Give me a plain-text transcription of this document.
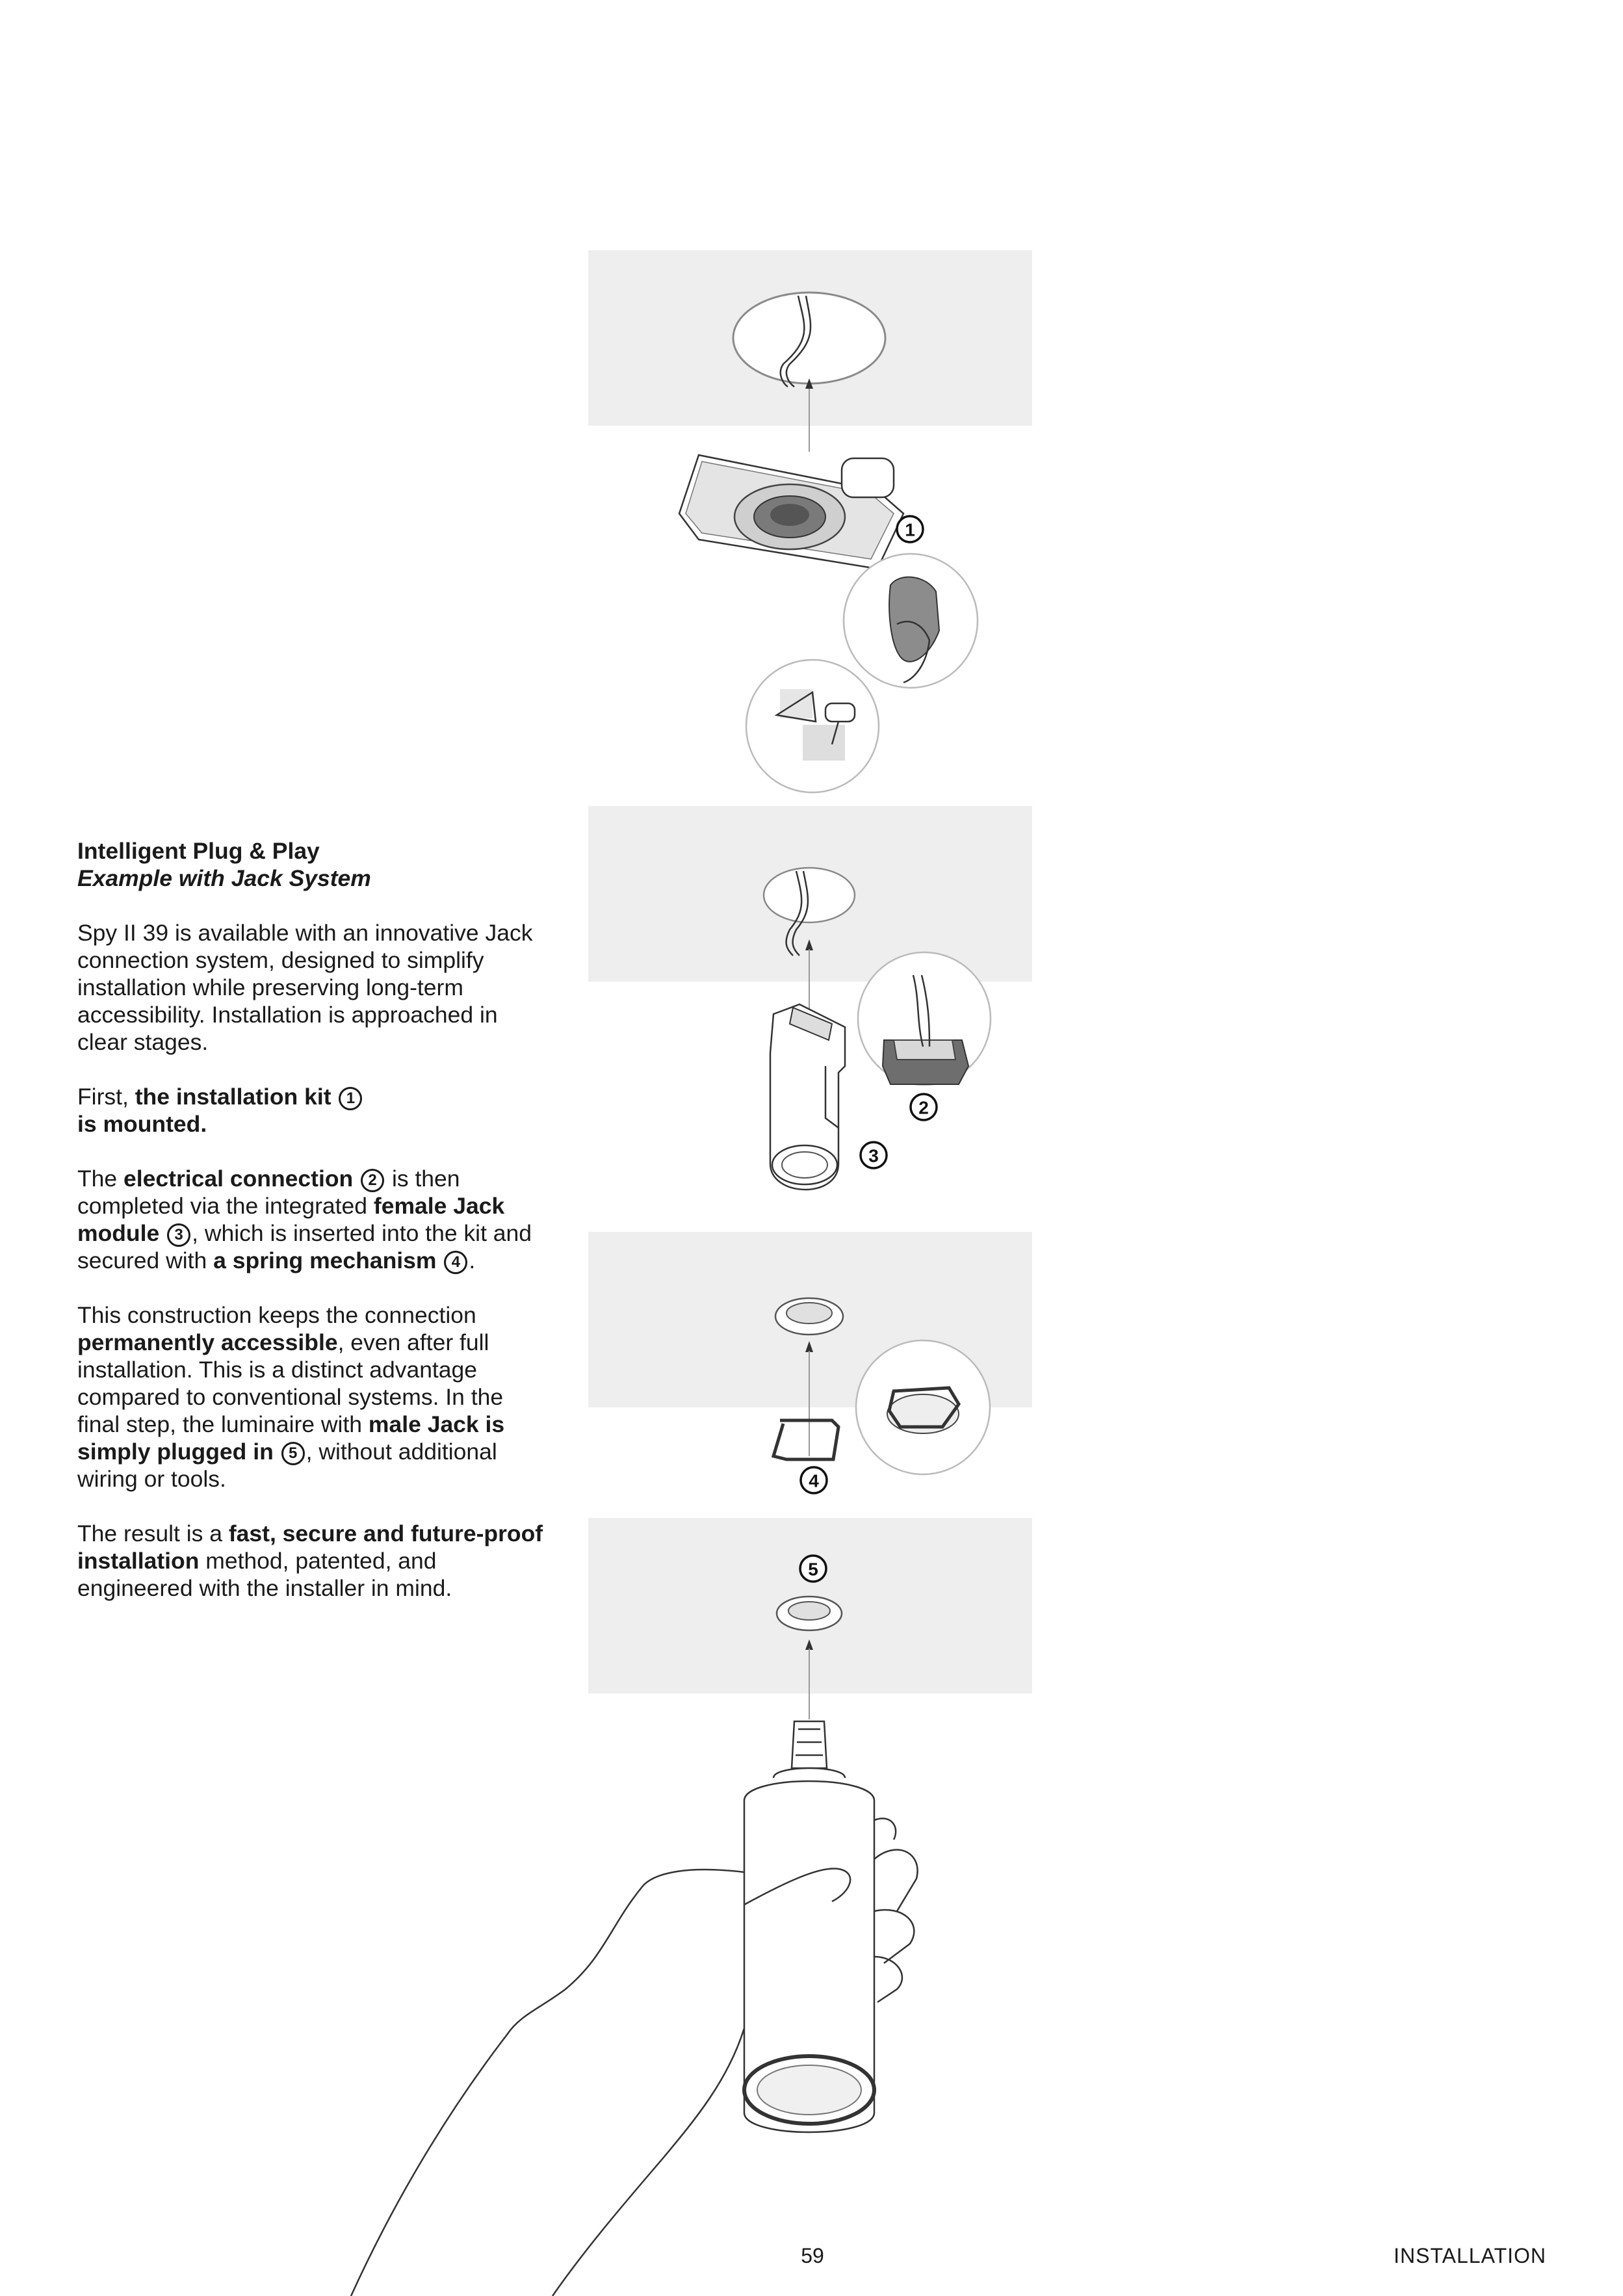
1
3
2
4
5

Intelligent Plug & Play
Example with Jack System

Spy II 39 is available with an innovative Jack connection system, designed to simplify installation while preserving long-term accessibility. Installation is approached in clear stages.

First, the installation kit 1
is mounted.

The electrical connection 2 is then completed via the integrated female Jack module 3 , which is inserted into the kit and secured with a spring mechanism 4 .

This construction keeps the connection permanently accessible, even after full installation. This is a distinct advantage compared to conventional systems. In the final step, the luminaire with male Jack is simply plugged in 5 , without additional wiring or tools.

The result is a fast, secure and future-proof installation method, patented, and engineered with the installer in mind.

59	INSTALLATION
